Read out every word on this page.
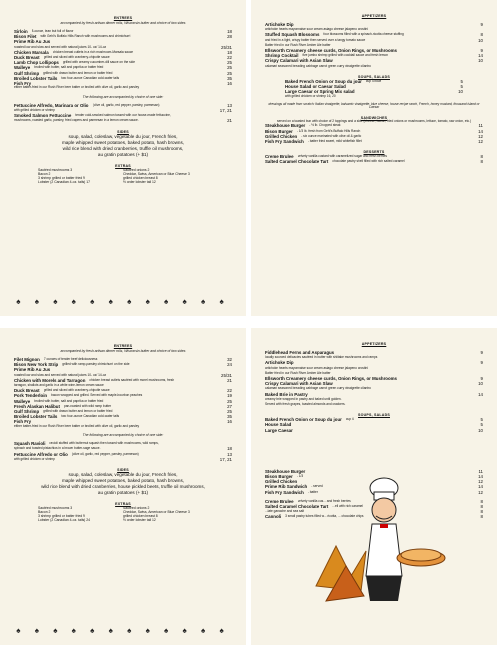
ENTREES
accompanied by fresh artisan dinner rolls, Wisconsin butter and choice of two sides
Sirloin 8-ounce, lean but full of flavor	18
Bison Filet with Gehl's Buffalo Hills Ranch with mushrooms and chimichurri	28
Prime Rib Au Jus
roasted low and slow and served with natural juices 10- oz/ 14-oz	25/31
Chicken Marsala chicken breast cutlets in a rich mushroom-Marsala sauce	18
Duck Breast grilled and sliced with cranberry-chipotle sauce	22
Lamb Chop Lollipops grilled with creamy cucumber-dill sauce on the side	25
Walleye broiled with butter, salt and paprika or batter fried	25
Gulf Shrimp grilled with drawn butter and lemon or batter fried	25
Broiled Lobster Tails two four-ounce Canadian cold-water tails	35
Fish Fry	16
either batter-fried in our Rush River beer batter or broiled with olive oil, garlic and parsley
The following are accompanied by choice of one side:
Fettuccine Alfredo, Marinara or Olio (olive oil, garlic, red pepper, parsley, parmesan)	13
with grilled chicken or shrimp	17, 21
Smoked Salmon Fettuccine tender cold-smoked salmon tossed with our house-made fettuccine,
mushrooms, roasted garlic, parsley, fried capers and parmesan in a lemon cream sauce.	21
SIDES
soup, salad, coleslaw, vegetable du jour, French fries,
maple whipped sweet potatoes, baked potato, hash browns,
wild rice blend with dried cranberries, truffle oil mushrooms,
au gratin potatoes (+ $1)
EXTRAS
Sautéed mushrooms 3	Sautéed onions 2
Bacon 2	Cheddar, Swiss, American or Blue Cheese 3
3 shrimp grilled or batter fried 9	grilled chicken breast 8
Lobster (2 Canadian 4-oz. tails) 17	½ order lobster tail 12
♠ ♠ ♠ ♠ ♠ ♠ ♠ ♠ ♠ ♠ ♠ ♠
APPETIZERS
Artichoke Dip	9
artichoke hearts mayonnaise sour cream asiago cheese jalapeno crostini
Stuffed Squash Blossoms four blossoms filled with a spinach-ricotta cheese stuffing	8
and fried in a light, crispy batter then served over a tangy tomato sauce	10
Batter fried in our Rush River Amber Ale batter
Ellsworth Creamery cheese curds, Onion Rings, or Mushrooms	9
Shrimp Cocktail five jumbo shrimp grilled with cocktail sauce and fresh lemon	14
Crispy Calamari with Asian Slaw	10
calamari seasoned breading cabbage carrot green curry vinaigrette cilantro
SOUPS, SALADS
Baked French Onion or Soup du jour cup 4 bowl	5
House Salad or Caesar Salad	5
Large Caesar or Spring Mix salad	10
with grilled chicken or shrimp 16, 20
dressings all made from scratch: Italian vinaigrette, balsamic vinaigrette, blue cheese, house recipe ranch, French, honey mustard, thousand island or Caesar
SANDWICHES
served on a toasted bun with choice of 2 toppings and a side (cheese, bacon, fried onions or mushrooms, lettuce, tomato, raw onion, etc.)
Steakhouse Burger - ½ lb. Chopped steak	11
Bison Burger - 1/3 lb. fresh from Gehl's Buffalo Hills Ranch	14
Grilled Chicken - six ounce marinated with olive oil & garlic	12
Fish Fry Sandwich - batter fried sweet, mild whitefish fillet	12
DESSERTS
Creme Brulee velvety vanilla custard with caramelized sugar and fresh berries	8
Salted Caramel Chocolate Tart chocolate pastry shell filled with rich salted caramel	8
ENTREES
accompanied by fresh artisan dinner rolls, Wisconsin butter and choice of two sides
Filet Mignon 7 ounces of tender beef deliciousness	32
Bison New York Strip grilled with ramp-parsley chimichurri on the side	24
Prime Rib Au Jus
roasted low and slow and served with natural juices 10- oz/ 14-oz	25/31
Chicken with Morels and Tarragon chicken breast cutlets sautéed with morel mushrooms, fresh	21
tarragon, shallots and garlic in a white wine-lemon cream sauce
Duck Breast grilled and sliced with cranberry-chipotle sauce	22
Pork Tenderloin bacon wrapped and grilled. Served with maple-bourbon peaches	19
Walleye broiled with butter, salt and paprika or batter fried	25
Fresh Alaskan Halibut pan-roasted with wild ramp butter	27
Gulf Shrimp grilled with drawn butter and lemon or batter fried	25
Broiled Lobster Tails two four-ounce Canadian cold-water tails	35
Fish Fry	16
either batter-fried in our Rush River beer batter or broiled with olive oil, garlic and parsley
The following are accompanied by choice of one side:
Squash Ravioli ravioli stuffed with butternut squash then tossed with mushrooms, wild ramps,
spinach and toasted pistachios in a brown butter-sage sauce.	18
Fettuccine Alfredo or Olio (olive oil, garlic, red pepper, parsley, parmesan)	13
with grilled chicken or shrimp	17, 21
SIDES
soup, salad, coleslaw, vegetable du jour, French fries,
maple whipped sweet potatoes, baked potato, hash browns,
wild rice blend with dried cranberries, house pickled beets, truffle oil mushrooms,
au gratin potatoes (+ $1)
EXTRAS
Sautéed mushrooms 3	Sautéed onions 2
Bacon 2	Cheddar, Swiss, American or Blue Cheese 3
3 shrimp grilled or batter fried 9	grilled chicken breast 8
Lobster (2 Canadian 4-oz. tails) 24	½ order lobster tail 12
♠ ♠ ♠ ♠ ♠ ♠ ♠ ♠ ♠ ♠ ♠ ♠
APPETIZERS
Fiddlehead Ferns and Asparagus	9
locally sourced delicacies sautéed in butter with shiitake mushrooms and ramps
Artichoke Dip	9
artichoke hearts mayonnaise sour cream asiago cheese jalapeno crostini
Batter fried in our Rush River Amber Ale batter
Ellsworth Creamery cheese curds, Onion Rings, or Mushrooms	9
Crispy Calamari with Asian Slaw	10
calamari seasoned breading cabbage carrot green curry vinaigrette cilantro
Baked Brie in Pastry	14
creamy brie wrapped in pastry and baked until golden.
Served with fresh grapes, toasted almonds and crackers.
SOUPS, SALADS
Baked French Onion or Soup du jour cup 4	5
House Salad	5
Large Caesar	10
Steakhouse Burger	11
Bison Burger - 1/3	14
Grilled Chicken	12
Prime Rib Sandwich - served	14
Fish Fry Sandwich - batter	12
Creme Brulee velvety vanilla cus... and fresh berries	8
Salted Caramel Chocolate Tart ...ell with rich caramel	8
...late ganache and sea salt	8
Cannoli 3 small pastry tubes filled w... ricotta, ... chocolate chips	8
